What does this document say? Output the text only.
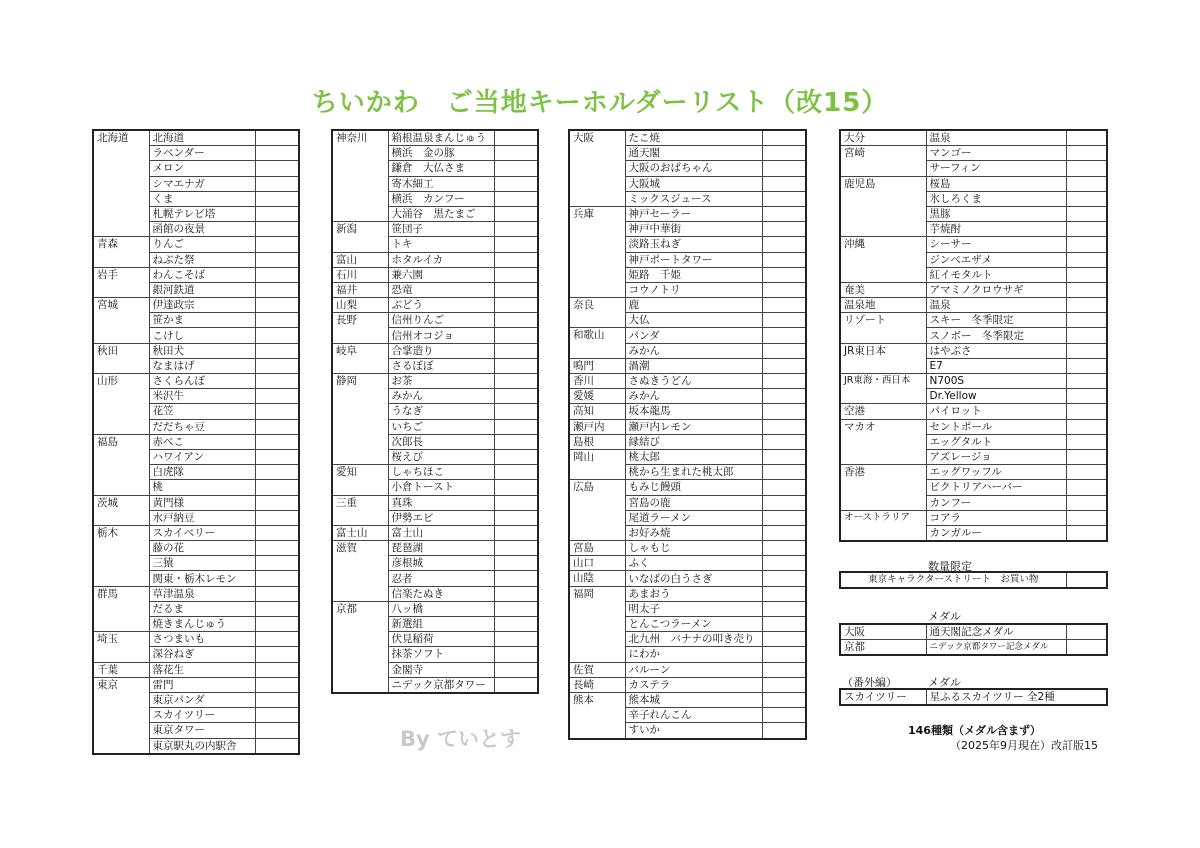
ちいかわ　ご当地キーホルダーリスト（改15）
北海道	北海道	
	ラベンダー	
	メロン	
	シマエナガ	
	くま	
	札幌テレビ塔	
	函館の夜景	
青森	りんご	
	ねぶた祭	
岩手	わんこそば	
	銀河鉄道	
宮城	伊達政宗	
	笹かま	
	こけし	
秋田	秋田犬	
	なまはげ	
山形	さくらんぼ	
	米沢牛	
	花笠	
	だだちゃ豆	
福島	赤べこ	
	ハワイアン	
	白虎隊	
	桃	
茨城	黄門様	
	水戸納豆	
栃木	スカイベリー	
	藤の花	
	三猿	
	関東・栃木レモン	
群馬	草津温泉	
	だるま	
	焼きまんじゅう	
埼玉	さつまいも	
	深谷ねぎ	
千葉	落花生	
東京	雷門	
	東京パンダ	
	スカイツリー	
	東京タワー	
	東京駅丸の内駅舎	
神奈川	箱根温泉まんじゅう	
	横浜　金の豚	
	鎌倉　大仏さま	
	寄木細工	
	横浜　カンフー	
	大涌谷　黒たまご	
新潟	笹団子	
	トキ	
富山	ホタルイカ	
石川	兼六園	
福井	恐竜	
山梨	ぶどう	
長野	信州りんご	
	信州オコジョ	
岐阜	合掌造り	
	さるぼぼ	
静岡	お茶	
	みかん	
	うなぎ	
	いちご	
	次郎長	
	桜えび	
愛知	しゃちほこ	
	小倉トースト	
三重	真珠	
	伊勢エビ	
富士山	富士山	
滋賀	琵琶湖	
	彦根城	
	忍者	
	信楽たぬき	
京都	八ッ橋	
	新選組	
	伏見稲荷	
	抹茶ソフト	
	金閣寺	
	ニデック京都タワー	
大阪	たこ焼	
	通天閣	
	大阪のおばちゃん	
	大阪城	
	ミックスジュース	
兵庫	神戸セーラー	
	神戸中華街	
	淡路玉ねぎ	
	神戸ポートタワー	
	姫路　千姫	
	コウノトリ	
奈良	鹿	
	大仏	
和歌山	パンダ	
	みかん	
鳴門	渦潮	
香川	さぬきうどん	
愛媛	みかん	
高知	坂本龍馬	
瀬戸内	瀬戸内レモン	
島根	縁結び	
岡山	桃太郎	
	桃から生まれた桃太郎	
広島	もみじ饅頭	
	宮島の鹿	
	尾道ラーメン	
	お好み焼	
宮島	しゃもじ	
山口	ふく	
山陰	いなばの白うさぎ	
福岡	あまおう	
	明太子	
	とんこつラーメン	
	北九州　バナナの叩き売り	
	にわか	
佐賀	バルーン	
長崎	カステラ	
熊本	熊本城	
	辛子れんこん	
	すいか	
大分	温泉	
宮崎	マンゴー	
	サーフィン	
鹿児島	桜島	
	氷しろくま	
	黒豚	
	芋焼酎	
沖縄	シーサー	
	ジンベエザメ	
	紅イモタルト	
奄美	アマミノクロウサギ	
温泉地	温泉	
リゾート	スキー　冬季限定	
	スノボー　冬季限定	
JR東日本	はやぶさ	
	E7	
JR東海・西日本	N700S	
	Dr.Yellow	
空港	パイロット	
マカオ	セントポール	
	エッグタルト	
	アズレージョ	
香港	エッグワッフル	
	ビクトリアハーバー	
	カンフー	
オーストラリア	コアラ	
	カンガルー	
数量限定
東京キャラクターストリート　お買い物	
メダル
大阪	通天閣記念メダル	
京都	ニデック京都タワー記念メダル	
（番外編）	メダル
スカイツリー	星ふるスカイツリー 全2種
146種類（メダル含まず）
（2025年9月現在）改訂版15
By ていとす
